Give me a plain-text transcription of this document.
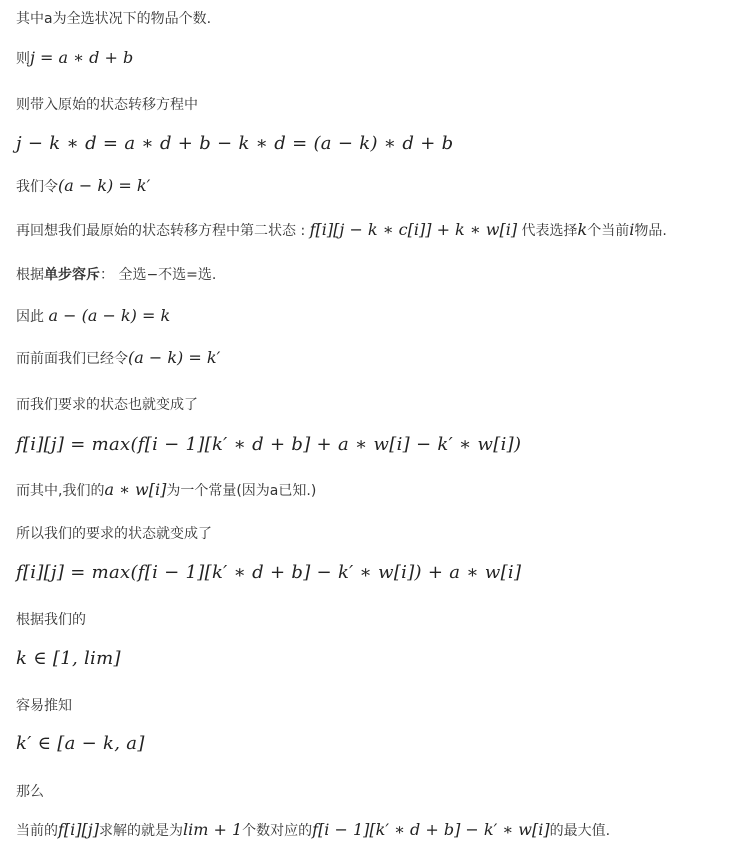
其中a为全选状况下的物品个数.
则j = a ∗ d + b
则带入原始的状态转移方程中
j − k ∗ d = a ∗ d + b − k ∗ d = (a − k) ∗ d + b
我们令(a − k) = k′
再回想我们最原始的状态转移方程中第二状态 : f[i][j − k ∗ c[i]] + k ∗ w[i] 代表选择k个当前i物品.
根据单步容斥： 全选−不选=选.
因此 a − (a − k) = k
而前面我们已经令(a − k) = k′
而我们要求的状态也就变成了
f[i][j] = max(f[i − 1][k′ ∗ d + b] + a ∗ w[i] − k′ ∗ w[i])
而其中,我们的a ∗ w[i]为一个常量(因为a已知.)
所以我们的要求的状态就变成了
f[i][j] = max(f[i − 1][k′ ∗ d + b] − k′ ∗ w[i]) + a ∗ w[i]
根据我们的
k ∈ [1, lim]
容易推知
k′ ∈ [a − k, a]
那么
当前的f[i][j]求解的就是为lim + 1个数对应的f[i − 1][k′ ∗ d + b] − k′ ∗ w[i]的最大值.
